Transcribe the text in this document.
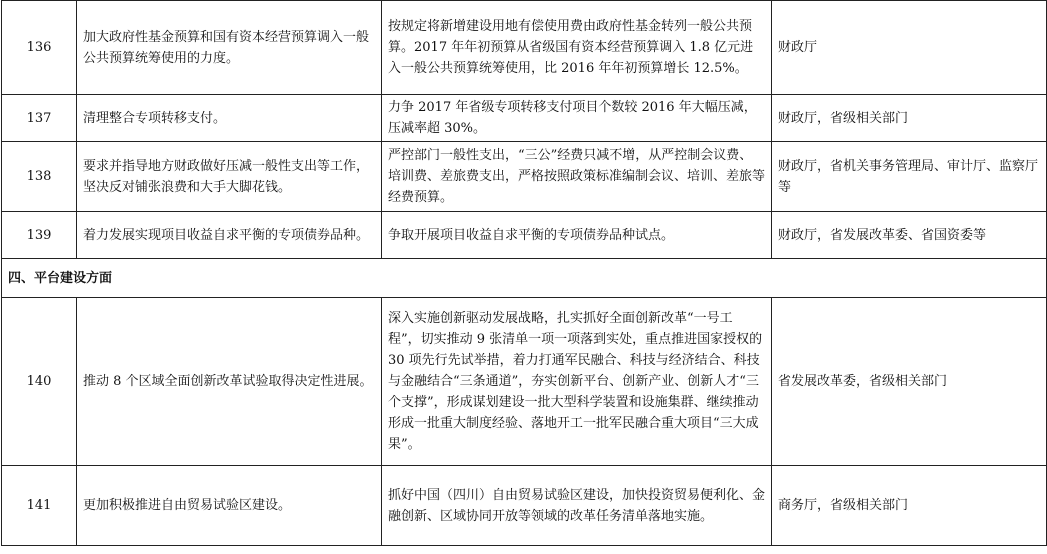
136	加大政府性基金预算和国有资本经营预算调入一般公共预算统筹使用的力度。	按规定将新增建设用地有偿使用费由政府性基金转列一般公共预算。2017 年年初预算从省级国有资本经营预算调入 1.8 亿元进入一般公共预算统筹使用，比 2016 年年初预算增长 12.5%。	财政厅
137	清理整合专项转移支付。	力争 2017 年省级专项转移支付项目个数较 2016 年大幅压减，压减率超 30%。	财政厅，省级相关部门
138	要求并指导地方财政做好压减一般性支出等工作，坚决反对铺张浪费和大手大脚花钱。	严控部门一般性支出，“三公”经费只减不增，从严控制会议费、培训费、差旅费支出，严格按照政策标准编制会议、培训、差旅等经费预算。	财政厅，省机关事务管理局、审计厅、监察厅等
139	着力发展实现项目收益自求平衡的专项债券品种。	争取开展项目收益自求平衡的专项债券品种试点。	财政厅，省发展改革委、省国资委等
四、平台建设方面			
140	推动 8 个区域全面创新改革试验取得决定性进展。	深入实施创新驱动发展战略，扎实抓好全面创新改革“一号工程”，切实推动 9 张清单一项一项落到实处，重点推进国家授权的 30 项先行先试举措，着力打通军民融合、科技与经济结合、科技与金融结合“三条通道”，夯实创新平台、创新产业、创新人才“三个支撑”，形成谋划建设一批大型科学装置和设施集群、继续推动形成一批重大制度经验、落地开工一批军民融合重大项目“三大成果”。	省发展改革委，省级相关部门
141	更加积极推进自由贸易试验区建设。	抓好中国（四川）自由贸易试验区建设，加快投资贸易便利化、金融创新、区域协同开放等领域的改革任务清单落地实施。	商务厅，省级相关部门
